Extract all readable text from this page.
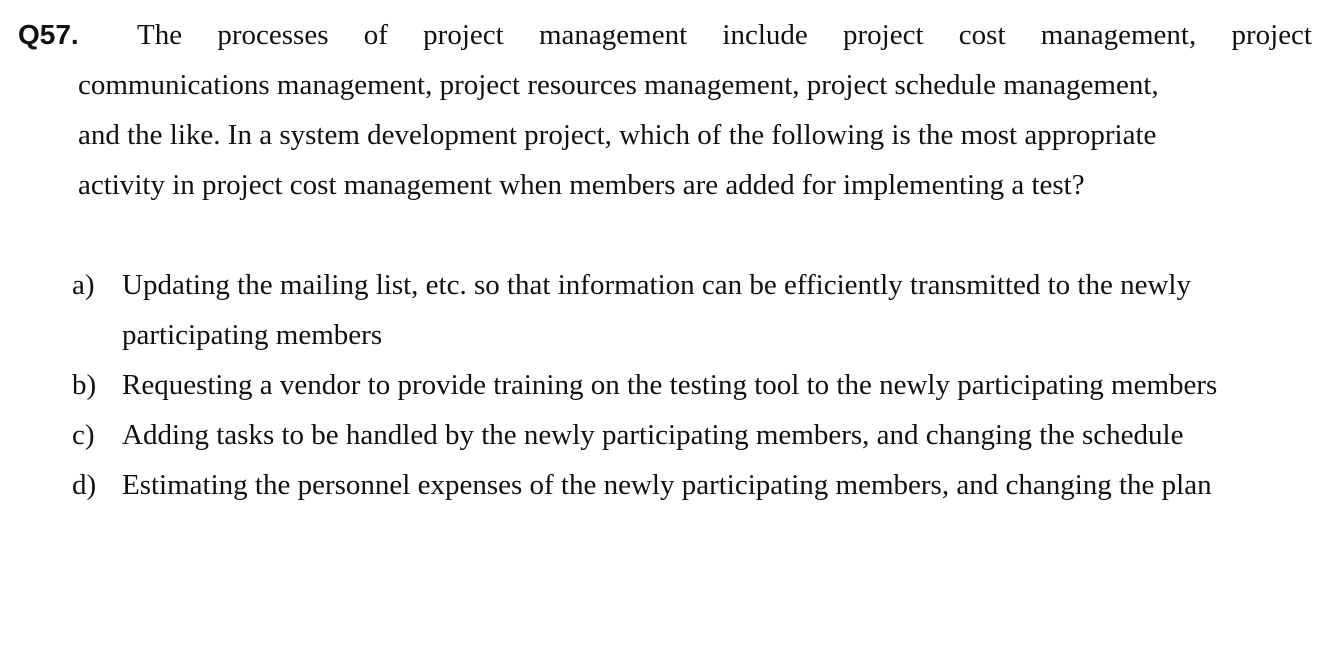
Q57. The processes of project management include project cost management, project
communications management, project resources management, project schedule management,
and the like. In a system development project, which of the following is the most appropriate
activity in project cost management when members are added for implementing a test?
a) Updating the mailing list, etc. so that information can be efficiently transmitted to the newly participating members
b) Requesting a vendor to provide training on the testing tool to the newly participating members
c) Adding tasks to be handled by the newly participating members, and changing the schedule
d) Estimating the personnel expenses of the newly participating members, and changing the plan
